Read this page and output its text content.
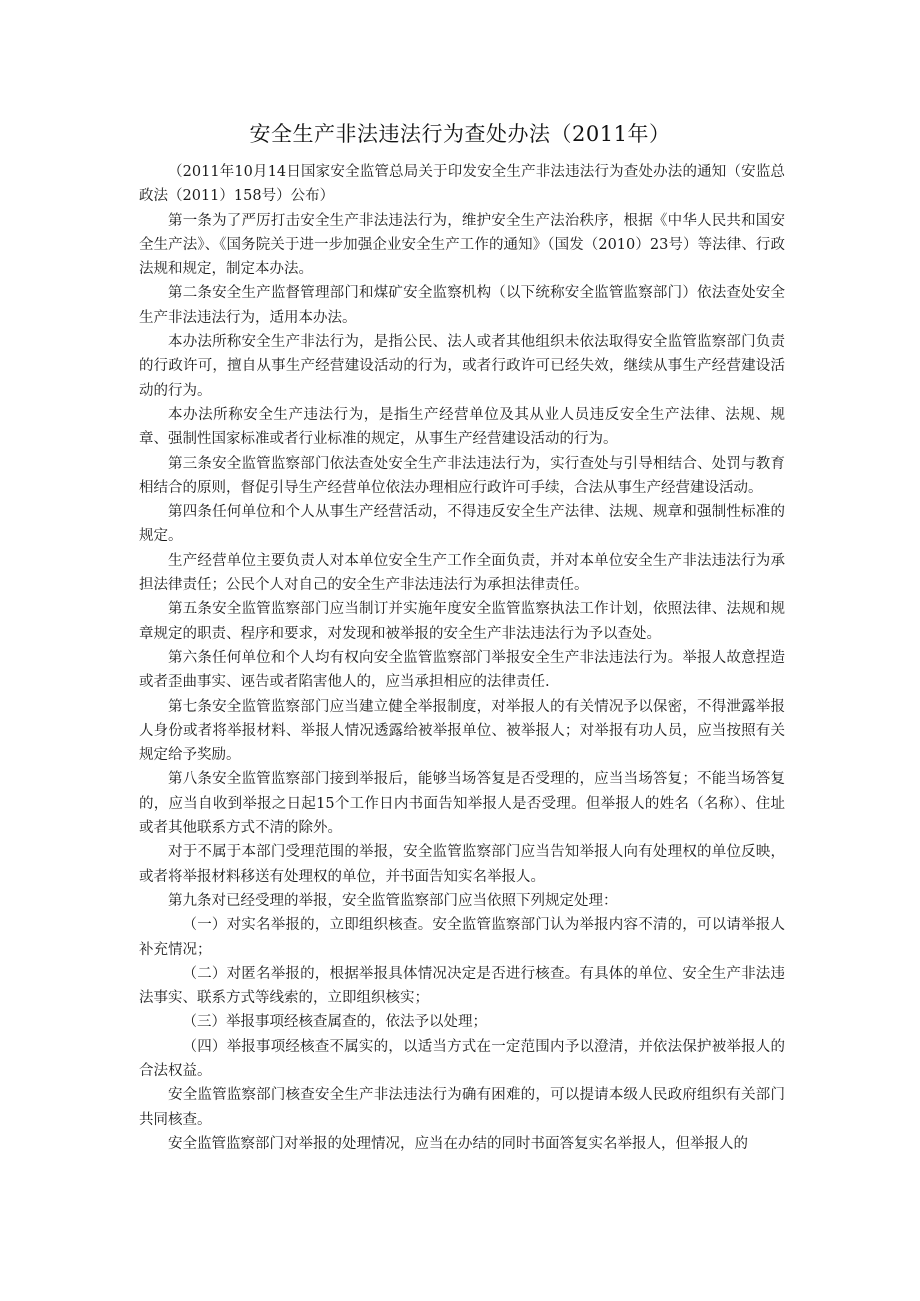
安全生产非法违法行为查处办法（2011年）

（2011年10月14日国家安全监管总局关于印发安全生产非法违法行为查处办法的通知（安监总政法（2011）158号）公布）

第一条为了严厉打击安全生产非法违法行为，维护安全生产法治秩序，根据《中华人民共和国安全生产法》、《国务院关于进一步加强企业安全生产工作的通知》（国发（2010）23号）等法律、行政法规和规定，制定本办法。

第二条安全生产监督管理部门和煤矿安全监察机构（以下统称安全监管监察部门）依法查处安全生产非法违法行为，适用本办法。

本办法所称安全生产非法行为，是指公民、法人或者其他组织未依法取得安全监管监察部门负责的行政许可，擅自从事生产经营建设活动的行为，或者行政许可已经失效，继续从事生产经营建设活动的行为。

本办法所称安全生产违法行为，是指生产经营单位及其从业人员违反安全生产法律、法规、规章、强制性国家标准或者行业标准的规定，从事生产经营建设活动的行为。

第三条安全监管监察部门依法查处安全生产非法违法行为，实行查处与引导相结合、处罚与教育相结合的原则，督促引导生产经营单位依法办理相应行政许可手续，合法从事生产经营建设活动。

第四条任何单位和个人从事生产经营活动，不得违反安全生产法律、法规、规章和强制性标准的规定。

生产经营单位主要负责人对本单位安全生产工作全面负责，并对本单位安全生产非法违法行为承担法律责任；公民个人对自己的安全生产非法违法行为承担法律责任。

第五条安全监管监察部门应当制订并实施年度安全监管监察执法工作计划，依照法律、法规和规章规定的职责、程序和要求，对发现和被举报的安全生产非法违法行为予以查处。

第六条任何单位和个人均有权向安全监管监察部门举报安全生产非法违法行为。举报人故意捏造或者歪曲事实、诬告或者陷害他人的，应当承担相应的法律责任.

第七条安全监管监察部门应当建立健全举报制度，对举报人的有关情况予以保密，不得泄露举报人身份或者将举报材料、举报人情况透露给被举报单位、被举报人；对举报有功人员，应当按照有关规定给予奖励。

第八条安全监管监察部门接到举报后，能够当场答复是否受理的，应当当场答复；不能当场答复的，应当自收到举报之日起15个工作日内书面告知举报人是否受理。但举报人的姓名（名称）、住址或者其他联系方式不清的除外。

对于不属于本部门受理范围的举报，安全监管监察部门应当告知举报人向有处理权的单位反映，或者将举报材料移送有处理权的单位，并书面告知实名举报人。

第九条对已经受理的举报，安全监管监察部门应当依照下列规定处理：

（一）对实名举报的，立即组织核查。安全监管监察部门认为举报内容不清的，可以请举报人补充情况；

（二）对匿名举报的，根据举报具体情况决定是否进行核查。有具体的单位、安全生产非法违法事实、联系方式等线索的，立即组织核实；

（三）举报事项经核查属查的，依法予以处理；

（四）举报事项经核查不属实的，以适当方式在一定范围内予以澄清，并依法保护被举报人的合法权益。

安全监管监察部门核查安全生产非法违法行为确有困难的，可以提请本级人民政府组织有关部门共同核查。

安全监管监察部门对举报的处理情况，应当在办结的同时书面答复实名举报人，但举报人的
